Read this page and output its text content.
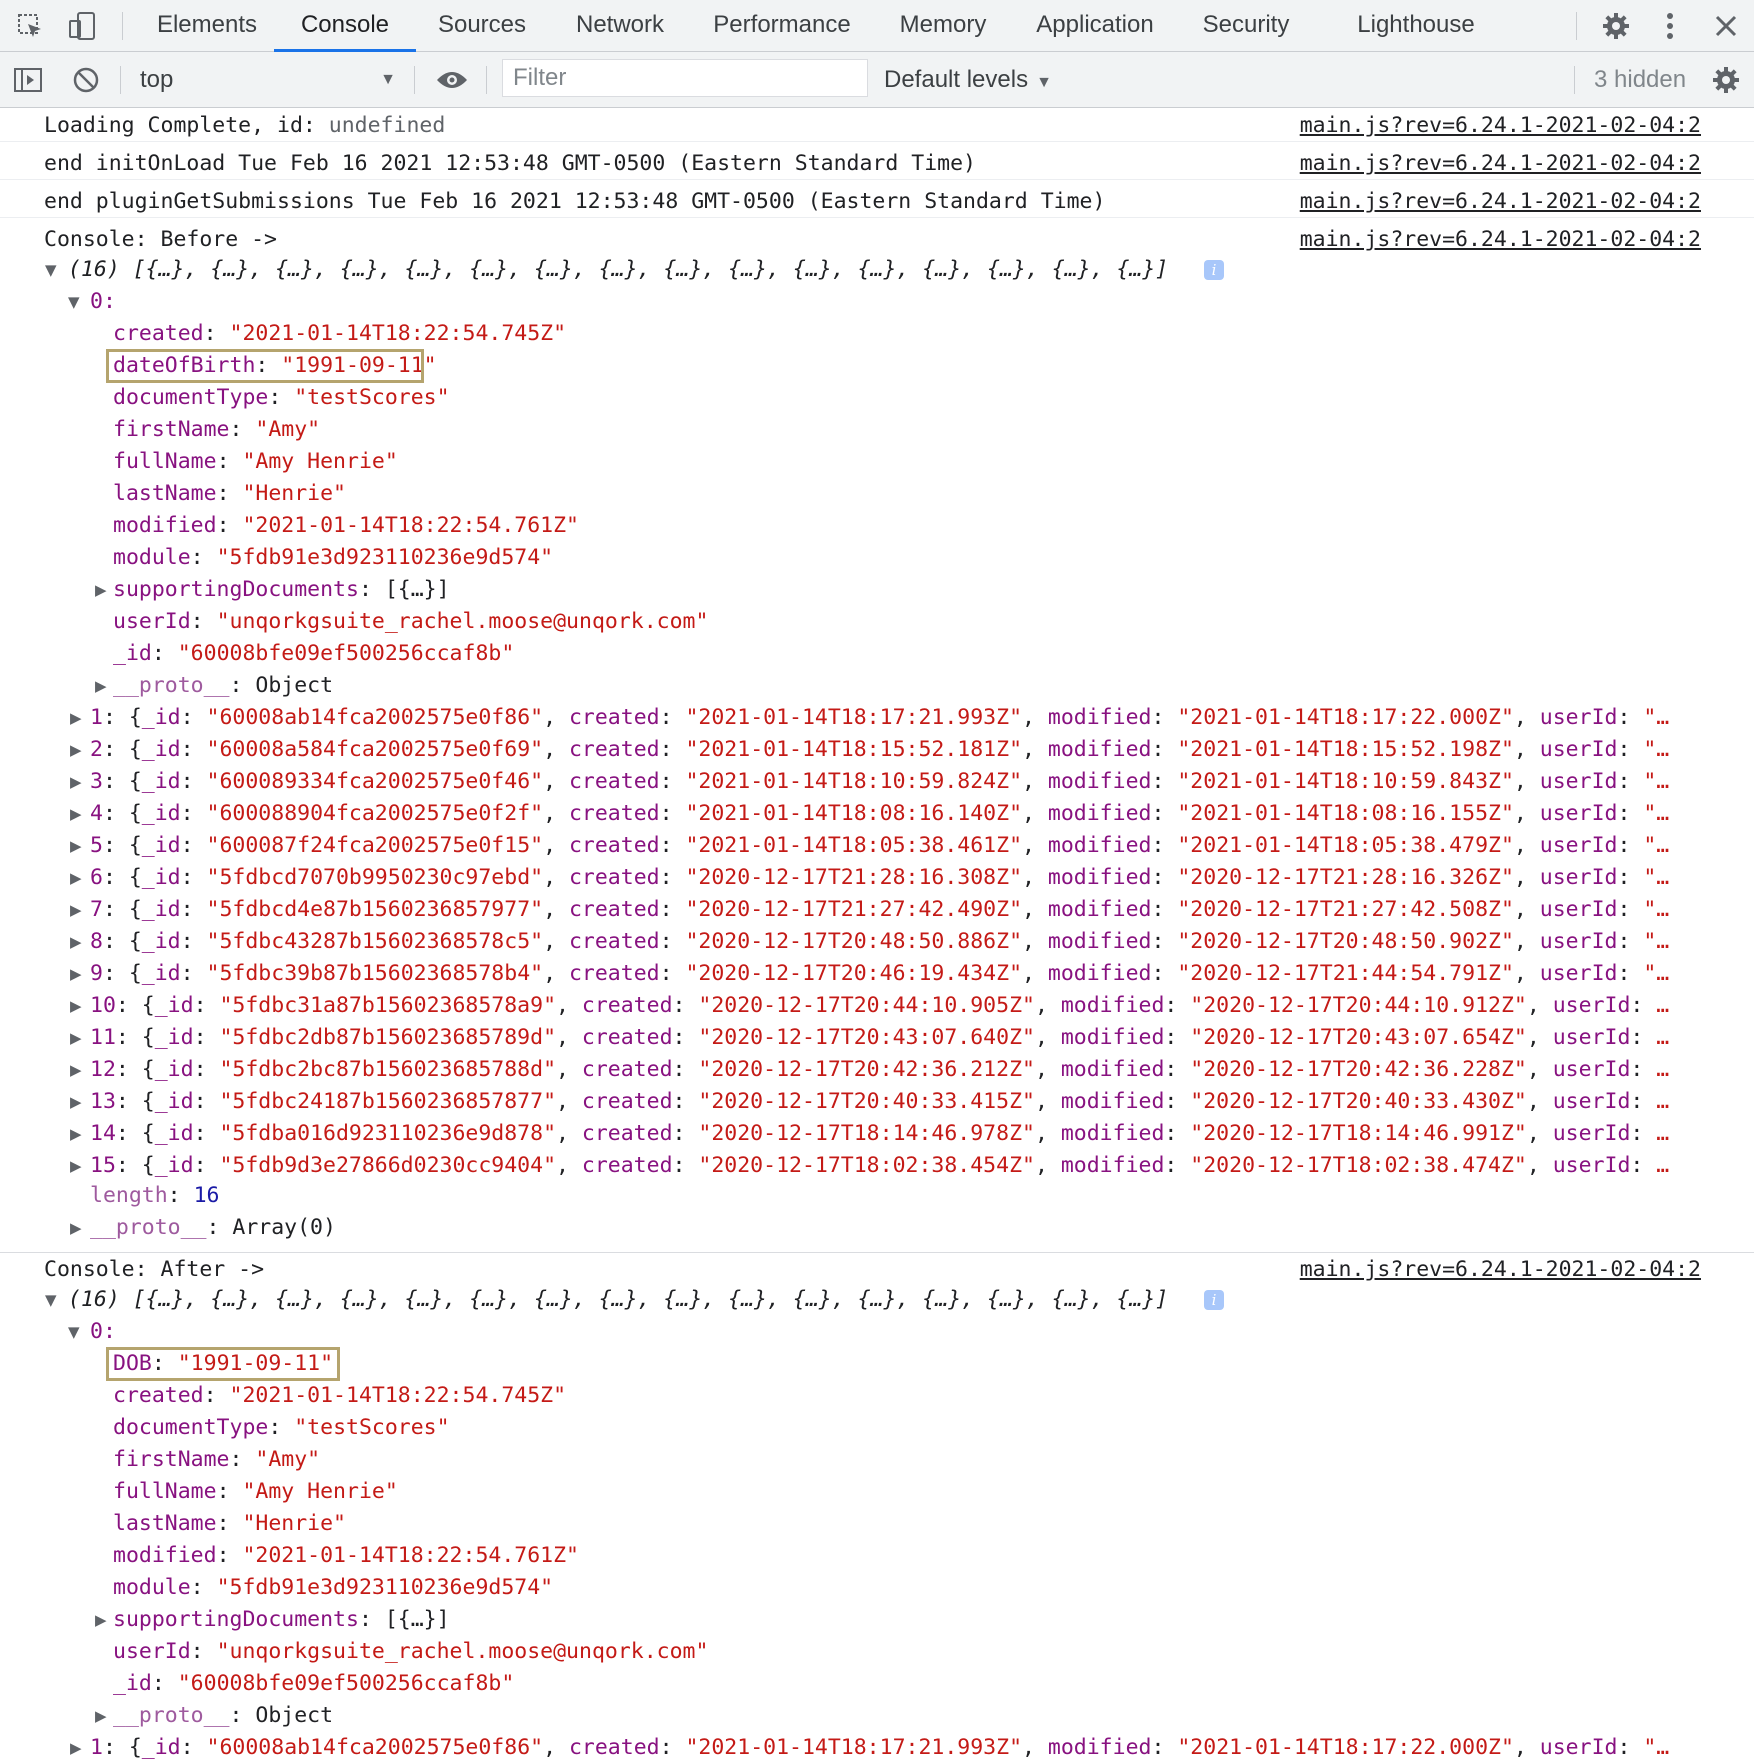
Elements	Console	Sources	Network	Performance	Memory	Application	Security	Lighthouse
top	▼
Filter	Default levels ▼	3 hidden
Loading Complete, id: undefined	main.js?rev=6.24.1-2021-02-04:2
end initOnLoad Tue Feb 16 2021 12:53:48 GMT-0500 (Eastern Standard Time)	main.js?rev=6.24.1-2021-02-04:2
end pluginGetSubmissions Tue Feb 16 2021 12:53:48 GMT-0500 (Eastern Standard Time)	main.js?rev=6.24.1-2021-02-04:2
Console: Before ->	main.js?rev=6.24.1-2021-02-04:2
▼ (16) [{…}, {…}, {…}, {…}, {…}, {…}, {…}, {…}, {…}, {…}, {…}, {…}, {…}, {…}, {…}, {…}]	i
▼ 0:
created: "2021-01-14T18:22:54.745Z"
dateOfBirth: "1991-09-11"
documentType: "testScores"
firstName: "Amy"
fullName: "Amy Henrie"
lastName: "Henrie"
modified: "2021-01-14T18:22:54.761Z"
module: "5fdb91e3d923110236e9d574"
▶ supportingDocuments: [{…}]
userId: "unqorkgsuite_rachel.moose@unqork.com"
_id: "60008bfe09ef500256ccaf8b"
▶ __proto__: Object
▶ 1: {_id: "60008ab14fca2002575e0f86", created: "2021-01-14T18:17:21.993Z", modified: "2021-01-14T18:17:22.000Z", userId: "…
▶ 2: {_id: "60008a584fca2002575e0f69", created: "2021-01-14T18:15:52.181Z", modified: "2021-01-14T18:15:52.198Z", userId: "…
▶ 3: {_id: "600089334fca2002575e0f46", created: "2021-01-14T18:10:59.824Z", modified: "2021-01-14T18:10:59.843Z", userId: "…
▶ 4: {_id: "600088904fca2002575e0f2f", created: "2021-01-14T18:08:16.140Z", modified: "2021-01-14T18:08:16.155Z", userId: "…
▶ 5: {_id: "600087f24fca2002575e0f15", created: "2021-01-14T18:05:38.461Z", modified: "2021-01-14T18:05:38.479Z", userId: "…
▶ 6: {_id: "5fdbcd7070b9950230c97ebd", created: "2020-12-17T21:28:16.308Z", modified: "2020-12-17T21:28:16.326Z", userId: "…
▶ 7: {_id: "5fdbcd4e87b1560236857977", created: "2020-12-17T21:27:42.490Z", modified: "2020-12-17T21:27:42.508Z", userId: "…
▶ 8: {_id: "5fdbc43287b15602368578c5", created: "2020-12-17T20:48:50.886Z", modified: "2020-12-17T20:48:50.902Z", userId: "…
▶ 9: {_id: "5fdbc39b87b15602368578b4", created: "2020-12-17T20:46:19.434Z", modified: "2020-12-17T21:44:54.791Z", userId: "…
▶ 10: {_id: "5fdbc31a87b15602368578a9", created: "2020-12-17T20:44:10.905Z", modified: "2020-12-17T20:44:10.912Z", userId: …
▶ 11: {_id: "5fdbc2db87b156023685789d", created: "2020-12-17T20:43:07.640Z", modified: "2020-12-17T20:43:07.654Z", userId: …
▶ 12: {_id: "5fdbc2bc87b156023685788d", created: "2020-12-17T20:42:36.212Z", modified: "2020-12-17T20:42:36.228Z", userId: …
▶ 13: {_id: "5fdbc24187b1560236857877", created: "2020-12-17T20:40:33.415Z", modified: "2020-12-17T20:40:33.430Z", userId: …
▶ 14: {_id: "5fdba016d923110236e9d878", created: "2020-12-17T18:14:46.978Z", modified: "2020-12-17T18:14:46.991Z", userId: …
▶ 15: {_id: "5fdb9d3e27866d0230cc9404", created: "2020-12-17T18:02:38.454Z", modified: "2020-12-17T18:02:38.474Z", userId: …
length: 16
▶ __proto__: Array(0)
Console: After ->	main.js?rev=6.24.1-2021-02-04:2
▼ (16) [{…}, {…}, {…}, {…}, {…}, {…}, {…}, {…}, {…}, {…}, {…}, {…}, {…}, {…}, {…}, {…}]	i
▼ 0:
DOB: "1991-09-11"
created: "2021-01-14T18:22:54.745Z"
documentType: "testScores"
firstName: "Amy"
fullName: "Amy Henrie"
lastName: "Henrie"
modified: "2021-01-14T18:22:54.761Z"
module: "5fdb91e3d923110236e9d574"
▶ supportingDocuments: [{…}]
userId: "unqorkgsuite_rachel.moose@unqork.com"
_id: "60008bfe09ef500256ccaf8b"
▶ __proto__: Object
▶ 1: {_id: "60008ab14fca2002575e0f86", created: "2021-01-14T18:17:21.993Z", modified: "2021-01-14T18:17:22.000Z", userId: "…
